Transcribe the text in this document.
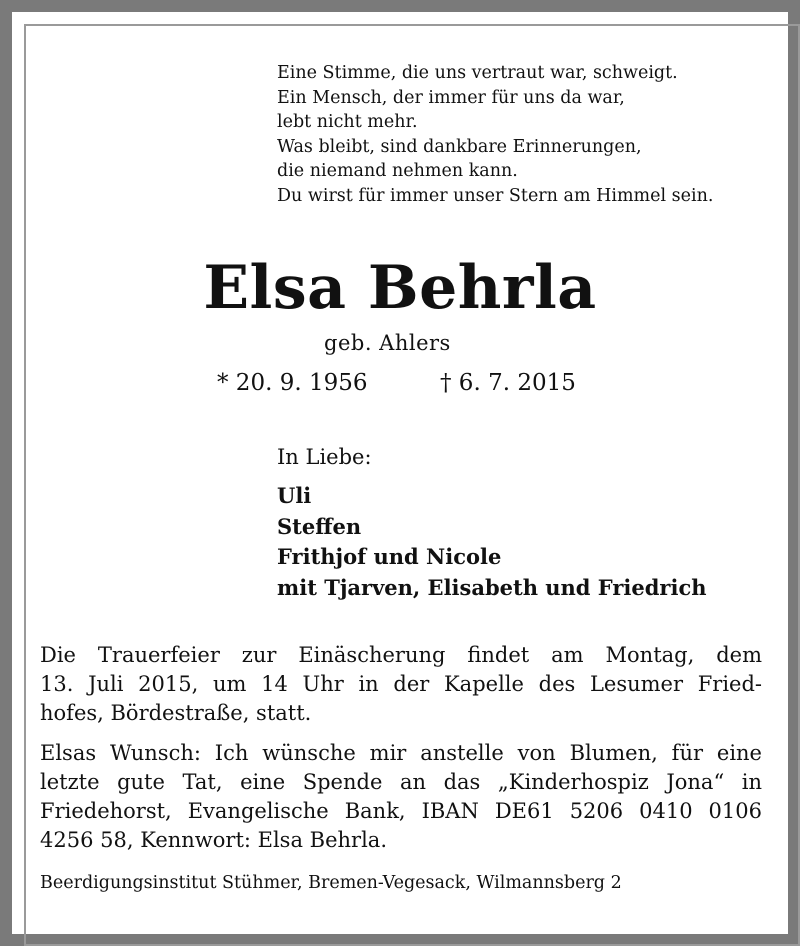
Eine Stimme, die uns vertraut war, schweigt.
Ein Mensch, der immer für uns da war,
lebt nicht mehr.
Was bleibt, sind dankbare Erinnerungen,
die niemand nehmen kann.
Du wirst für immer unser Stern am Himmel sein.
Elsa Behrla
geb. Ahlers
* 20. 9. 1956	† 6. 7. 2015
In Liebe:
Uli
Steffen
Frithjof und Nicole
mit Tjarven, Elisabeth und Friedrich
Die Trauerfeier zur Einäscherung findet am Montag, dem
13. Juli 2015, um 14 Uhr in der Kapelle des Lesumer Fried-
hofes, Bördestraße, statt.
Elsas Wunsch: Ich wünsche mir anstelle von Blumen, für eine
letzte gute Tat, eine Spende an das „Kinderhospiz Jona“ in
Friedehorst, Evangelische Bank, IBAN DE61 5206 0410 0106
4256 58, Kennwort: Elsa Behrla.
Beerdigungsinstitut Stühmer, Bremen-Vegesack, Wilmannsberg 2
